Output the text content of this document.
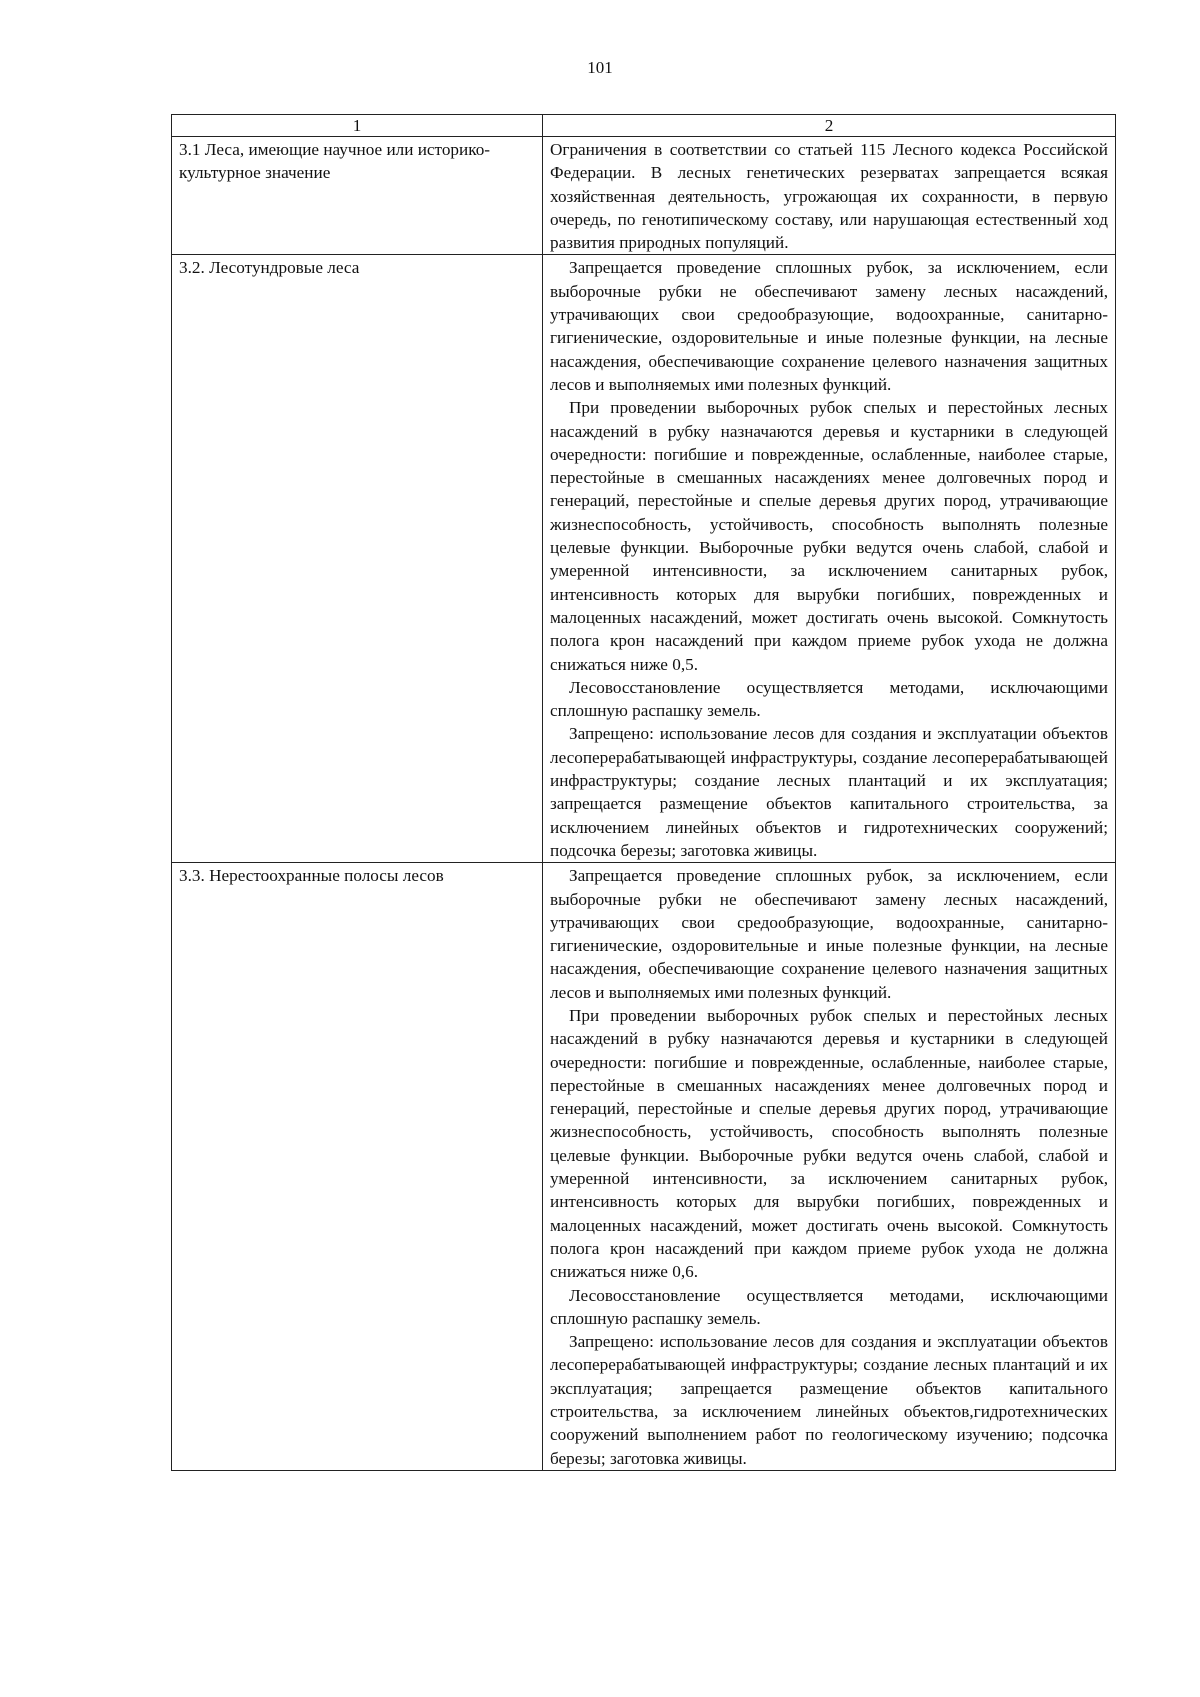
101
1	2
3.1 Леса, имеющие научное или историко-культурное значение	Ограничения в соответствии со статьей 115 Лесного кодекса Российской Федерации. В лесных генетических резерватах запрещается всякая хозяйственная деятельность, угрожающая их сохранности, в первую очередь, по генотипическому составу, или нарушающая естественный ход развития природных популяций.

3.2. Лесотундровые леса	Запрещается проведение сплошных рубок, за исключением, если выборочные рубки не обеспечивают замену лесных насаждений, утрачивающих свои средообразующие, водоохранные, санитарно-гигиенические, оздоровительные и иные полезные функции, на лесные насаждения, обеспечивающие сохранение целевого назначения защитных лесов и выполняемых ими полезных функций.

При проведении выборочных рубок спелых и перестойных лесных насаждений в рубку назначаются деревья и кустарники в следующей очередности: погибшие и поврежденные, ослабленные, наиболее старые, перестойные в смешанных насаждениях менее долговечных пород и генераций, перестойные и спелые деревья других пород, утрачивающие жизнеспособность, устойчивость, способность выполнять полезные целевые функции. Выборочные рубки ведутся очень слабой, слабой и умеренной интенсивности, за исключением санитарных рубок, интенсивность которых для вырубки погибших, поврежденных и малоценных насаждений, может достигать очень высокой. Сомкнутость полога крон насаждений при каждом приеме рубок ухода не должна снижаться ниже 0,5.

Лесовосстановление осуществляется методами, исключающими сплошную распашку земель.

Запрещено: использование лесов для создания и эксплуатации объектов лесоперерабатывающей инфраструктуры, создание лесоперерабатывающей инфраструктуры; создание лесных плантаций и их эксплуатация; запрещается размещение объектов капитального строительства, за исключением линейных объектов и гидротехнических сооружений; подсочка березы; заготовка живицы.

3.3. Нерестоохранные полосы лесов	Запрещается проведение сплошных рубок, за исключением, если выборочные рубки не обеспечивают замену лесных насаждений, утрачивающих свои средообразующие, водоохранные, санитарно-гигиенические, оздоровительные и иные полезные функции, на лесные насаждения, обеспечивающие сохранение целевого назначения защитных лесов и выполняемых ими полезных функций.

При проведении выборочных рубок спелых и перестойных лесных насаждений в рубку назначаются деревья и кустарники в следующей очередности: погибшие и поврежденные, ослабленные, наиболее старые, перестойные в смешанных насаждениях менее долговечных пород и генераций, перестойные и спелые деревья других пород, утрачивающие жизнеспособность, устойчивость, способность выполнять полезные целевые функции. Выборочные рубки ведутся очень слабой, слабой и умеренной интенсивности, за исключением санитарных рубок, интенсивность которых для вырубки погибших, поврежденных и малоценных насаждений, может достигать очень высокой. Сомкнутость полога крон насаждений при каждом приеме рубок ухода не должна снижаться ниже 0,6.

Лесовосстановление осуществляется методами, исключающими сплошную распашку земель.

Запрещено: использование лесов для создания и эксплуатации объектов лесоперерабатывающей инфраструктуры; создание лесных плантаций и их эксплуатация; запрещается размещение объектов капитального строительства, за исключением линейных объектов,гидротехнических сооружений выполнением работ по геологическому изучению; подсочка березы; заготовка живицы.
